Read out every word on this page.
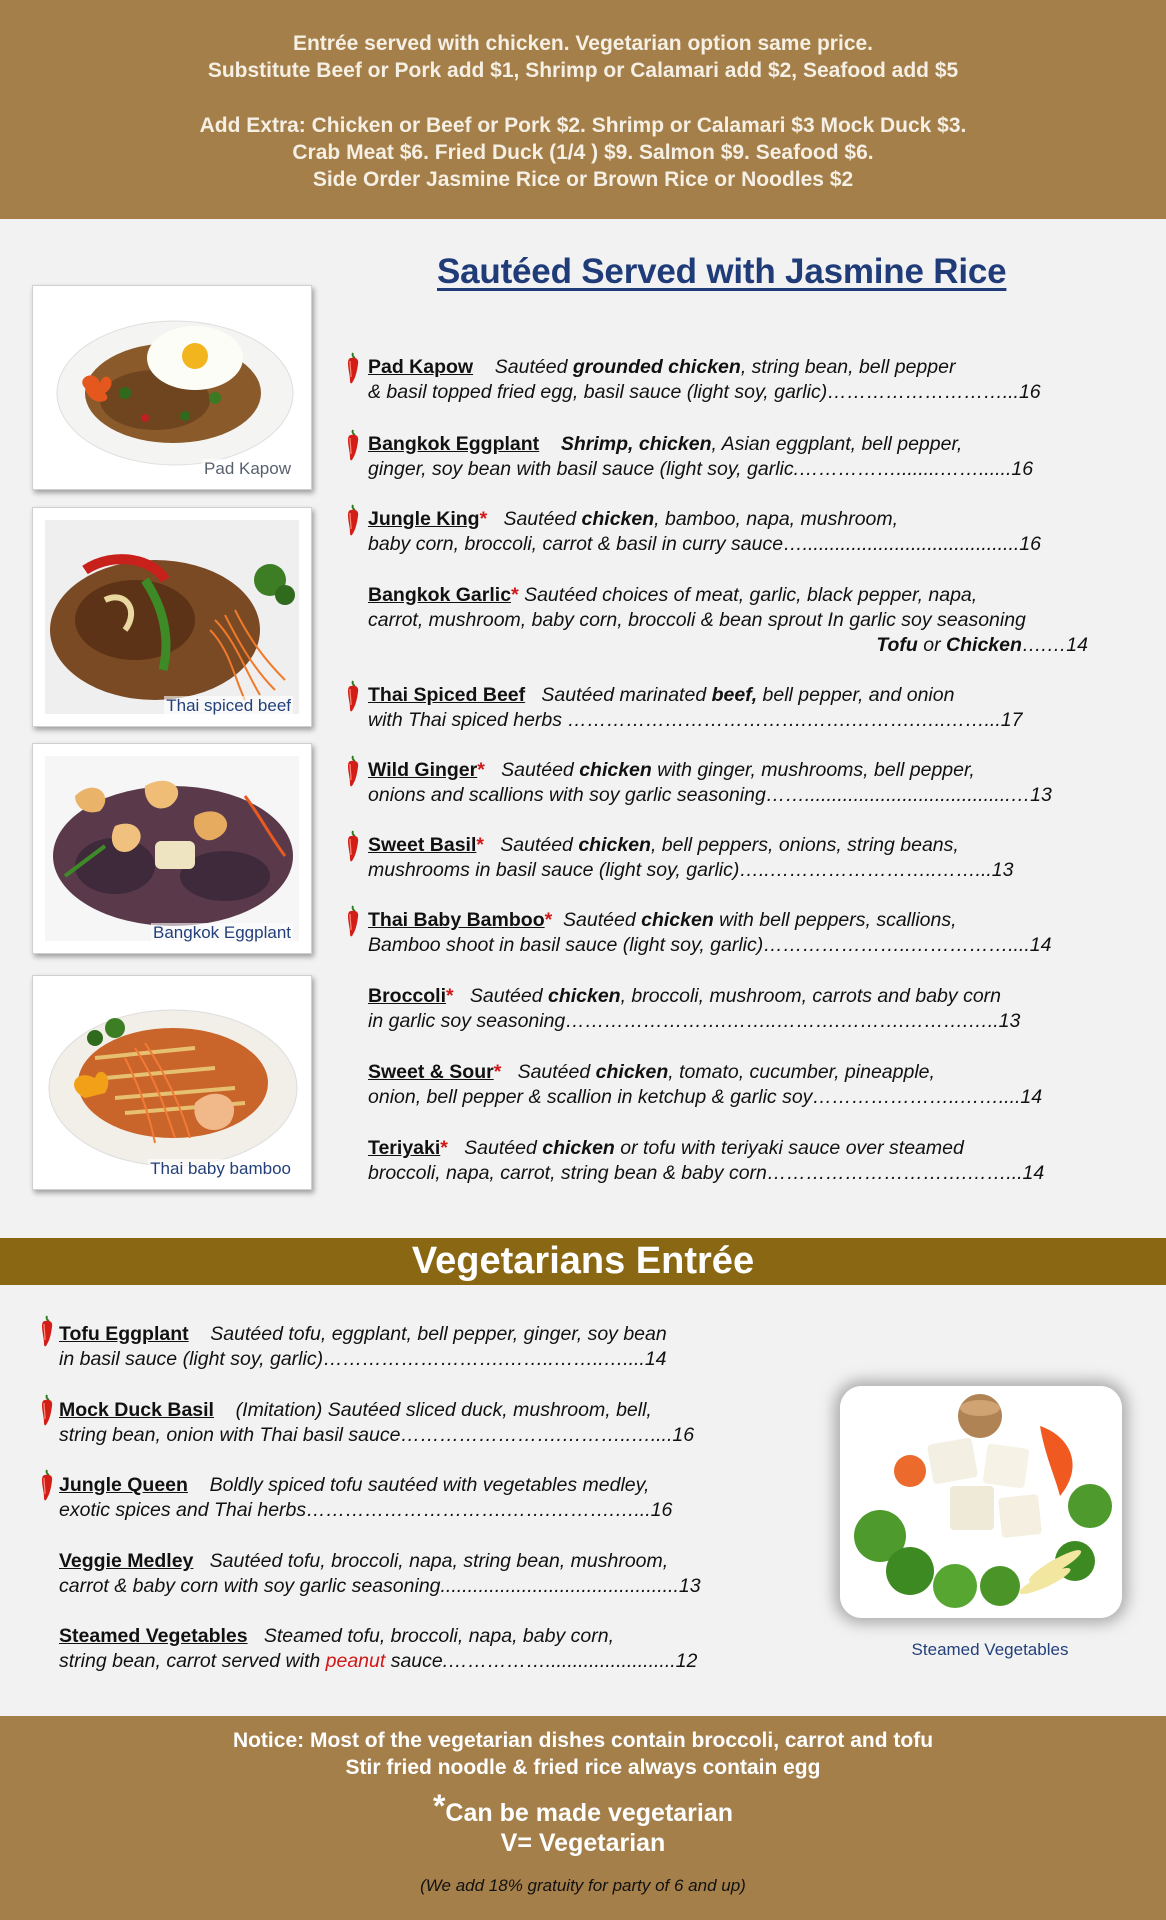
Entrée served with chicken. Vegetarian option same price.
Substitute Beef or Pork add $1, Shrimp or Calamari add $2, Seafood add $5
Add Extra: Chicken or Beef or Pork $2. Shrimp or Calamari $3 Mock Duck $3.
Crab Meat $6. Fried Duck (1/4 ) $9. Salmon $9. Seafood $6.
Side Order Jasmine Rice or Brown Rice or Noodles $2
Sautéed Served with Jasmine Rice
Pad Kapow
Thai spiced beef
Bangkok Eggplant
Thai baby bamboo
Pad Kapow Sautéed grounded chicken, string bean, bell pepper
& basil topped fried egg, basil sauce (light soy, garlic)………………………...16
Bangkok Eggplant Shrimp, chicken, Asian eggplant, bell pepper,
ginger, soy bean with basil sauce (light soy, garlic.……………........……......16
Jungle King* Sautéed chicken, bamboo, napa, mushroom,
baby corn, broccoli, carrot & basil in curry sauce…........................................16
Bangkok Garlic* Sautéed choices of meat, garlic, black pepper, napa,
carrot, mushroom, baby corn, broccoli & bean sprout In garlic soy seasoning
Tofu or Chicken….…14
Thai Spiced Beef Sautéed marinated beef, bell pepper, and onion
with Thai spiced herbs ……………………………….…….……….…..……...17
Wild Ginger* Sautéed chicken with ginger, mushrooms, bell pepper,
onions and scallions with soy garlic seasoning……......................................…13
Sweet Basil* Sautéed chicken, bell peppers, onions, string beans,
mushrooms in basil sauce (light soy, garlic)…..……………………..……...13
Thai Baby Bamboo* Sautéed chicken with bell peppers, scallions,
Bamboo shoot in basil sauce (light soy, garlic)…………………..……………....14
Broccoli* Sautéed chicken, broccoli, mushroom, carrots and baby corn
in garlic soy seasoning…………………….……..……….……….……….…..13
Sweet & Sour* Sautéed chicken, tomato, cucumber, pineapple,
onion, bell pepper & scallion in ketchup & garlic soy…………………..……....14
Teriyaki* Sautéed chicken or tofu with teriyaki sauce over steamed
broccoli, napa, carrot, string bean & baby corn………………………….……...14
Vegetarians Entrée
Tofu Eggplant Sautéed tofu, eggplant, bell pepper, ginger, soy bean
in basil sauce (light soy, garlic)……………………….……..……..…....14
Mock Duck Basil (Imitation) Sautéed sliced duck, mushroom, bell,
string bean, onion with Thai basil sauce…………………….………..…....16
Jungle Queen Boldly spiced tofu sautéed with vegetables medley,
exotic spices and Thai herbs………………………….…….……….…...16
Veggie Medley Sautéed tofu, broccoli, napa, string bean, mushroom,
carrot & baby corn with soy garlic seasoning............................................13
Steamed Vegetables Steamed tofu, broccoli, napa, baby corn,
string bean, carrot served with peanut sauce.……………........................12
Steamed Vegetables
Notice: Most of the vegetarian dishes contain broccoli, carrot and tofu
Stir fried noodle & fried rice always contain egg
*Can be made vegetarian
V= Vegetarian
(We add 18% gratuity for party of 6 and up)
